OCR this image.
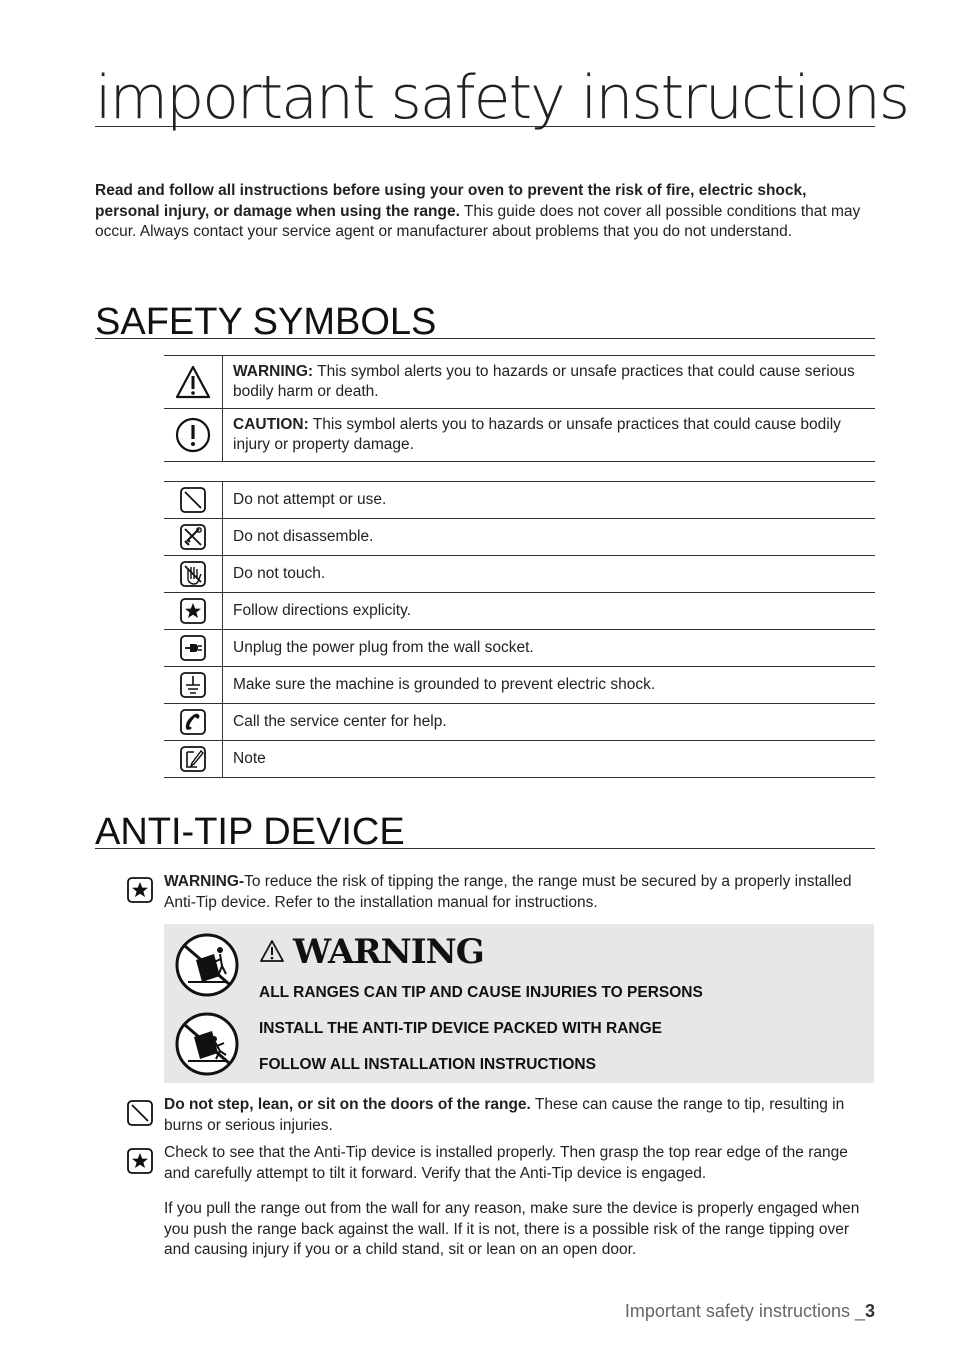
important safety instructions
Read and follow all instructions before using your oven to prevent the risk of fire, electric shock, personal injury, or damage when using the range. This guide does not cover all possible conditions that may occur. Always contact your service agent or manufacturer about problems that you do not understand.
SAFETY SYMBOLS
	WARNING: This symbol alerts you to hazards or unsafe practices that could cause serious bodily harm or death.

	CAUTION: This symbol alerts you to hazards or unsafe practices that could cause bodily injury or property damage.
	Do not attempt or use.

	Do not disassemble.

	Do not touch.

	Follow directions explicity.

	Unplug the power plug from the wall socket.

	Make sure the machine is grounded to prevent electric shock.

	Call the service center for help.

	Note
ANTI-TIP DEVICE
WARNING-To reduce the risk of tipping the range, the range must be secured by a properly installed Anti-Tip device. Refer to the installation manual for instructions.
WARNING
ALL RANGES CAN TIP AND CAUSE INJURIES TO PERSONS
INSTALL THE ANTI-TIP DEVICE PACKED WITH RANGE
FOLLOW ALL INSTALLATION INSTRUCTIONS
Do not step, lean, or sit on the doors of the range. These can cause the range to tip, resulting in burns or serious injuries.
Check to see that the Anti-Tip device is installed properly. Then grasp the top rear edge of the range and carefully attempt to tilt it forward. Verify that the Anti-Tip device is engaged.
If you pull the range out from the wall for any reason, make sure the device is properly engaged when you push the range back against the wall. If it is not, there is a possible risk of the range tipping over and causing injury if you or a child stand, sit or lean on an open door.
Important safety instructions _3
